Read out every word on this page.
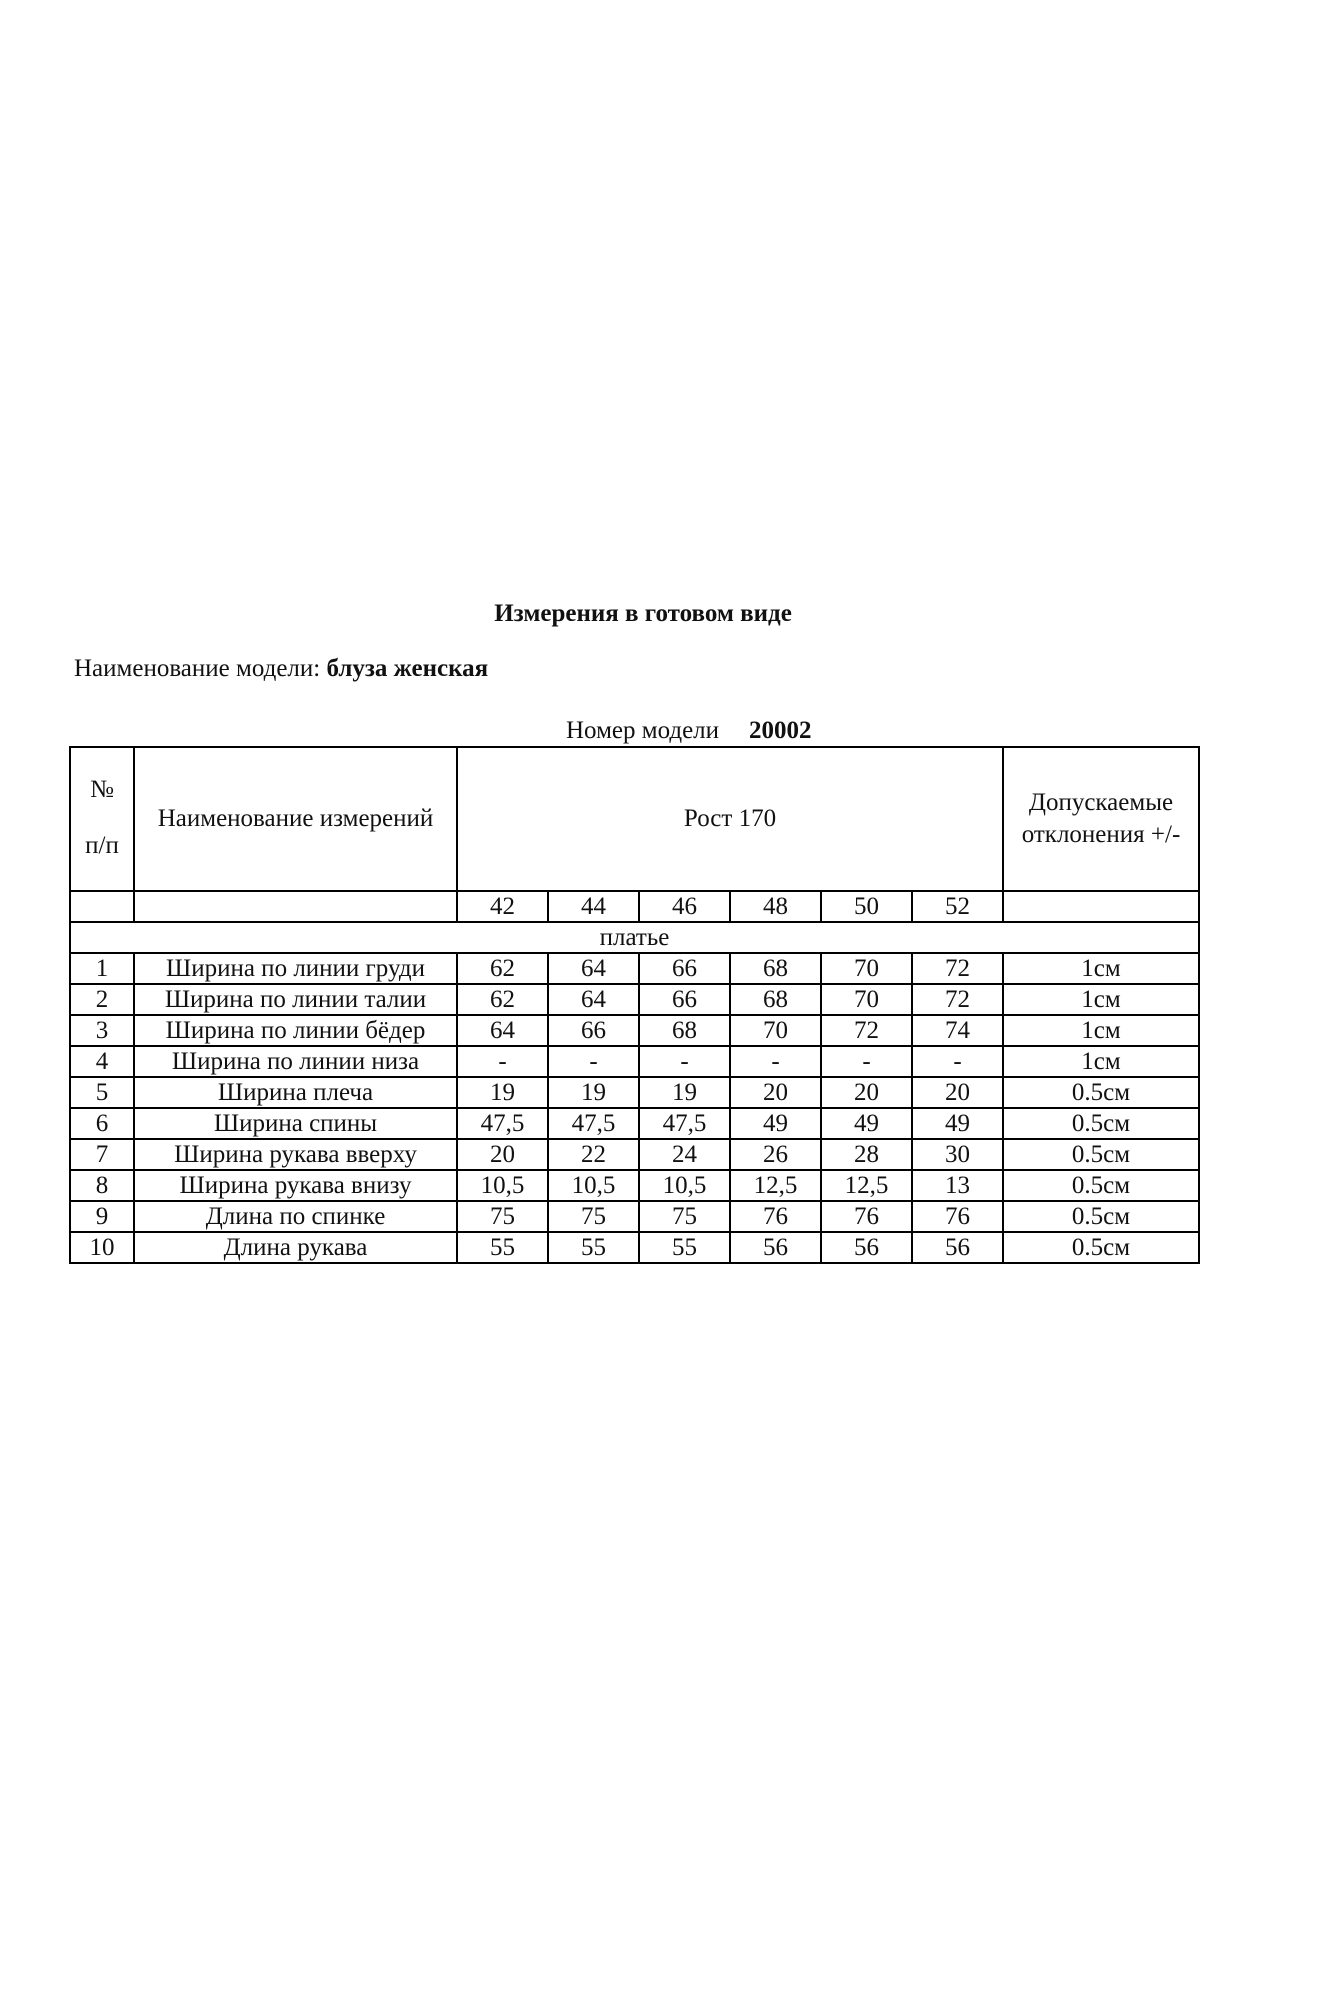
Измерения в готовом виде
Наименование модели: блуза женская
Номер модели 20002
№
п/п	Наименование измерений	Рост 170						Допускаемые отклонения +/-
		42	44	46	48	50	52	
платье								
1	Ширина по линии груди	62	64	66	68	70	72	1см
2	Ширина по линии талии	62	64	66	68	70	72	1см
3	Ширина по линии бёдер	64	66	68	70	72	74	1см
4	Ширина по линии низа	-	-	-	-	-	-	1см
5	Ширина плеча	19	19	19	20	20	20	0.5см
6	Ширина спины	47,5	47,5	47,5	49	49	49	0.5см
7	Ширина рукава вверху	20	22	24	26	28	30	0.5см
8	Ширина рукава внизу	10,5	10,5	10,5	12,5	12,5	13	0.5см
9	Длина по спинке	75	75	75	76	76	76	0.5см
10	Длина рукава	55	55	55	56	56	56	0.5см
